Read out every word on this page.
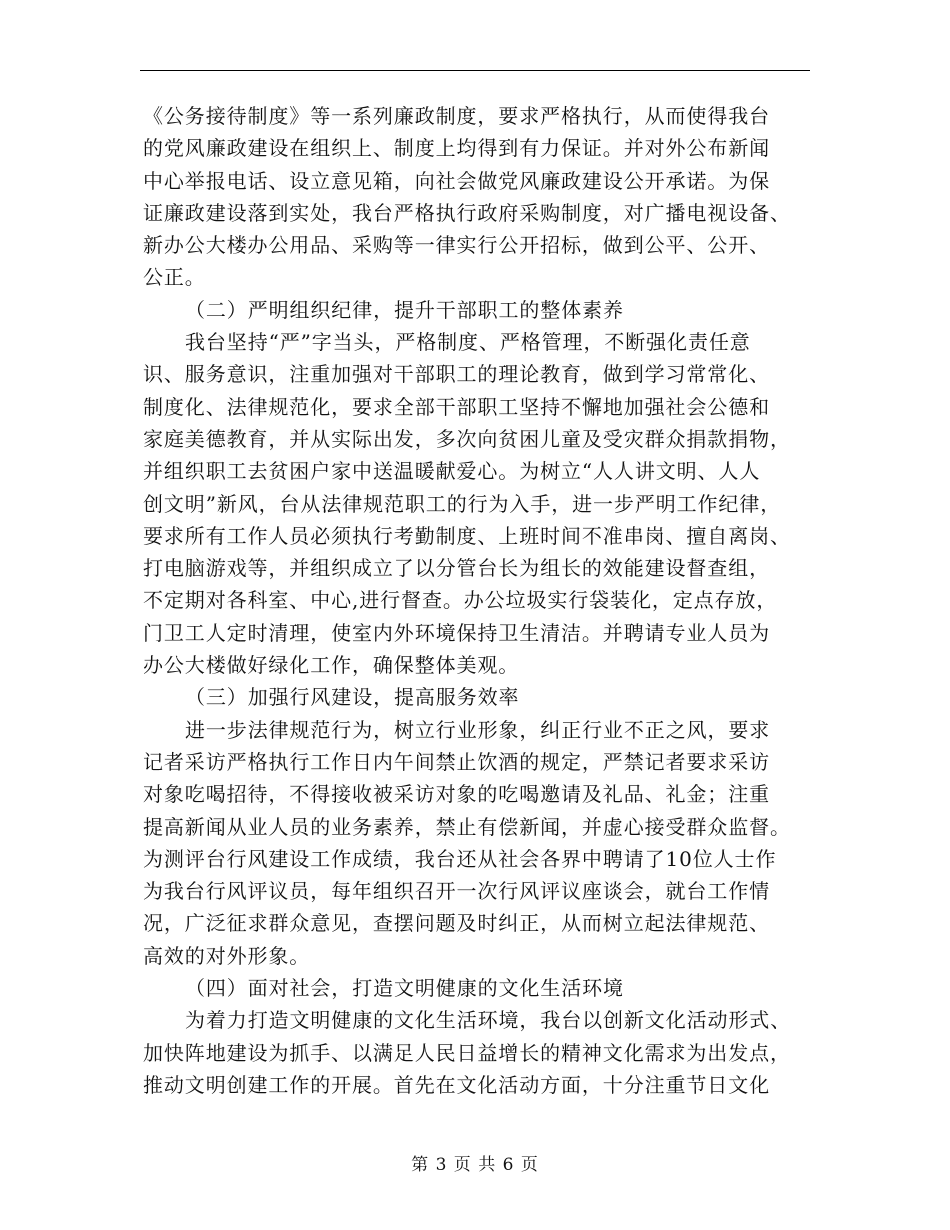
《公务接待制度》等一系列廉政制度，要求严格执行，从而使得我台
的党风廉政建设在组织上、制度上均得到有力保证。并对外公布新闻
中心举报电话、设立意见箱，向社会做党风廉政建设公开承诺。为保
证廉政建设落到实处，我台严格执行政府采购制度，对广播电视设备、
新办公大楼办公用品、采购等一律实行公开招标，做到公平、公开、
公正。
（二）严明组织纪律，提升干部职工的整体素养
我台坚持“严”字当头，严格制度、严格管理，不断强化责任意
识、服务意识，注重加强对干部职工的理论教育，做到学习常常化、
制度化、法律规范化，要求全部干部职工坚持不懈地加强社会公德和
家庭美德教育，并从实际出发，多次向贫困儿童及受灾群众捐款捐物，
并组织职工去贫困户家中送温暖献爱心。为树立“人人讲文明、人人
创文明”新风，台从法律规范职工的行为入手，进一步严明工作纪律，
要求所有工作人员必须执行考勤制度、上班时间不准串岗、擅自离岗、
打电脑游戏等，并组织成立了以分管台长为组长的效能建设督查组，
不定期对各科室、中心,进行督查。办公垃圾实行袋装化，定点存放，
门卫工人定时清理，使室内外环境保持卫生清洁。并聘请专业人员为
办公大楼做好绿化工作，确保整体美观。
（三）加强行风建设，提高服务效率
进一步法律规范行为，树立行业形象，纠正行业不正之风，要求
记者采访严格执行工作日内午间禁止饮酒的规定，严禁记者要求采访
对象吃喝招待，不得接收被采访对象的吃喝邀请及礼品、礼金；注重
提高新闻从业人员的业务素养，禁止有偿新闻，并虚心接受群众监督。
为测评台行风建设工作成绩，我台还从社会各界中聘请了10位人士作
为我台行风评议员，每年组织召开一次行风评议座谈会，就台工作情
况，广泛征求群众意见，查摆问题及时纠正，从而树立起法律规范、
高效的对外形象。
（四）面对社会，打造文明健康的文化生活环境
为着力打造文明健康的文化生活环境，我台以创新文化活动形式、
加快阵地建设为抓手、以满足人民日益增长的精神文化需求为出发点，
推动文明创建工作的开展。首先在文化活动方面，十分注重节日文化
第 3 页 共 6 页
